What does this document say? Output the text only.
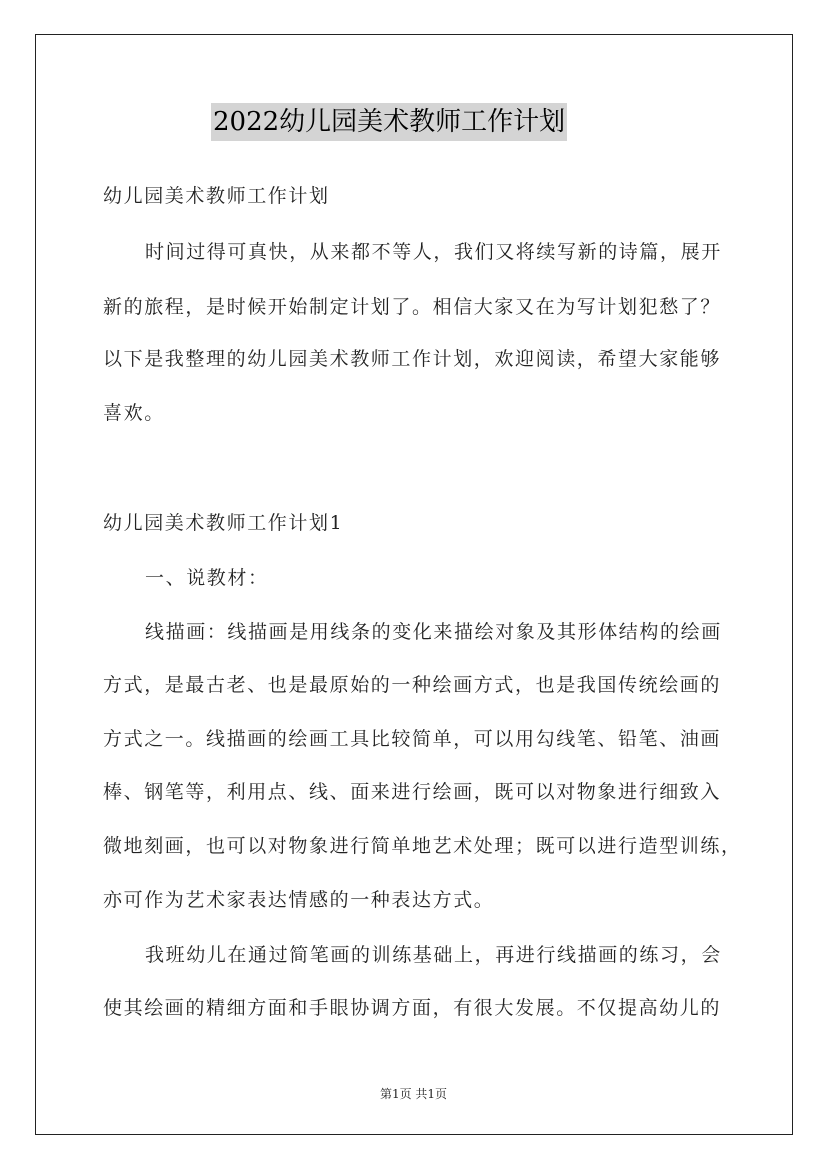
2022幼儿园美术教师工作计划
幼儿园美术教师工作计划
时间过得可真快，从来都不等人，我们又将续写新的诗篇，展开
新的旅程，是时候开始制定计划了。相信大家又在为写计划犯愁了？
以下是我整理的幼儿园美术教师工作计划，欢迎阅读，希望大家能够
喜欢。
幼儿园美术教师工作计划1
一、说教材：
线描画：线描画是用线条的变化来描绘对象及其形体结构的绘画
方式，是最古老、也是最原始的一种绘画方式，也是我国传统绘画的
方式之一。线描画的绘画工具比较简单，可以用勾线笔、铅笔、油画
棒、钢笔等，利用点、线、面来进行绘画，既可以对物象进行细致入
微地刻画，也可以对物象进行简单地艺术处理；既可以进行造型训练，
亦可作为艺术家表达情感的一种表达方式。
我班幼儿在通过简笔画的训练基础上，再进行线描画的练习，会
使其绘画的精细方面和手眼协调方面，有很大发展。不仅提高幼儿的
第1页 共1页
